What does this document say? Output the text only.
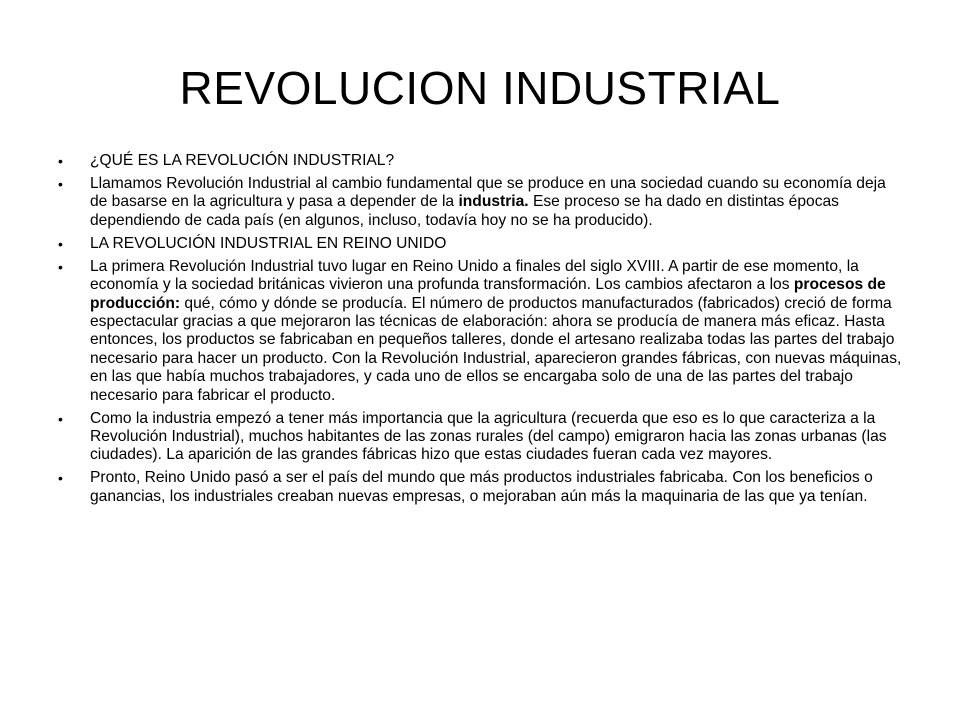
REVOLUCION INDUSTRIAL
•	¿QUÉ ES LA REVOLUCIÓN INDUSTRIAL?
•	Llamamos Revolución Industrial al cambio fundamental que se produce en una sociedad cuando su economía deja de basarse en la agricultura y pasa a depender de la industria. Ese proceso se ha dado en distintas épocas dependiendo de cada país (en algunos, incluso, todavía hoy no se ha producido).
•	LA REVOLUCIÓN INDUSTRIAL EN REINO UNIDO
•	La primera Revolución Industrial tuvo lugar en Reino Unido a finales del siglo XVIII. A partir de ese momento, la economía y la sociedad británicas vivieron una profunda transformación. Los cambios afectaron a los procesos de producción: qué, cómo y dónde se producía. El número de productos manufacturados (fabricados) creció de forma espectacular gracias a que mejoraron las técnicas de elaboración: ahora se producía de manera más eficaz. Hasta entonces, los productos se fabricaban en pequeños talleres, donde el artesano realizaba todas las partes del trabajo necesario para hacer un producto. Con la Revolución Industrial, aparecieron grandes fábricas, con nuevas máquinas, en las que había muchos trabajadores, y cada uno de ellos se encargaba solo de una de las partes del trabajo necesario para fabricar el producto.
•	Como la industria empezó a tener más importancia que la agricultura (recuerda que eso es lo que caracteriza a la Revolución Industrial), muchos habitantes de las zonas rurales (del campo) emigraron hacia las zonas urbanas (las ciudades). La aparición de las grandes fábricas hizo que estas ciudades fueran cada vez mayores.
•	Pronto, Reino Unido pasó a ser el país del mundo que más productos industriales fabricaba. Con los beneficios o ganancias, los industriales creaban nuevas empresas, o mejoraban aún más la maquinaria de las que ya tenían.
